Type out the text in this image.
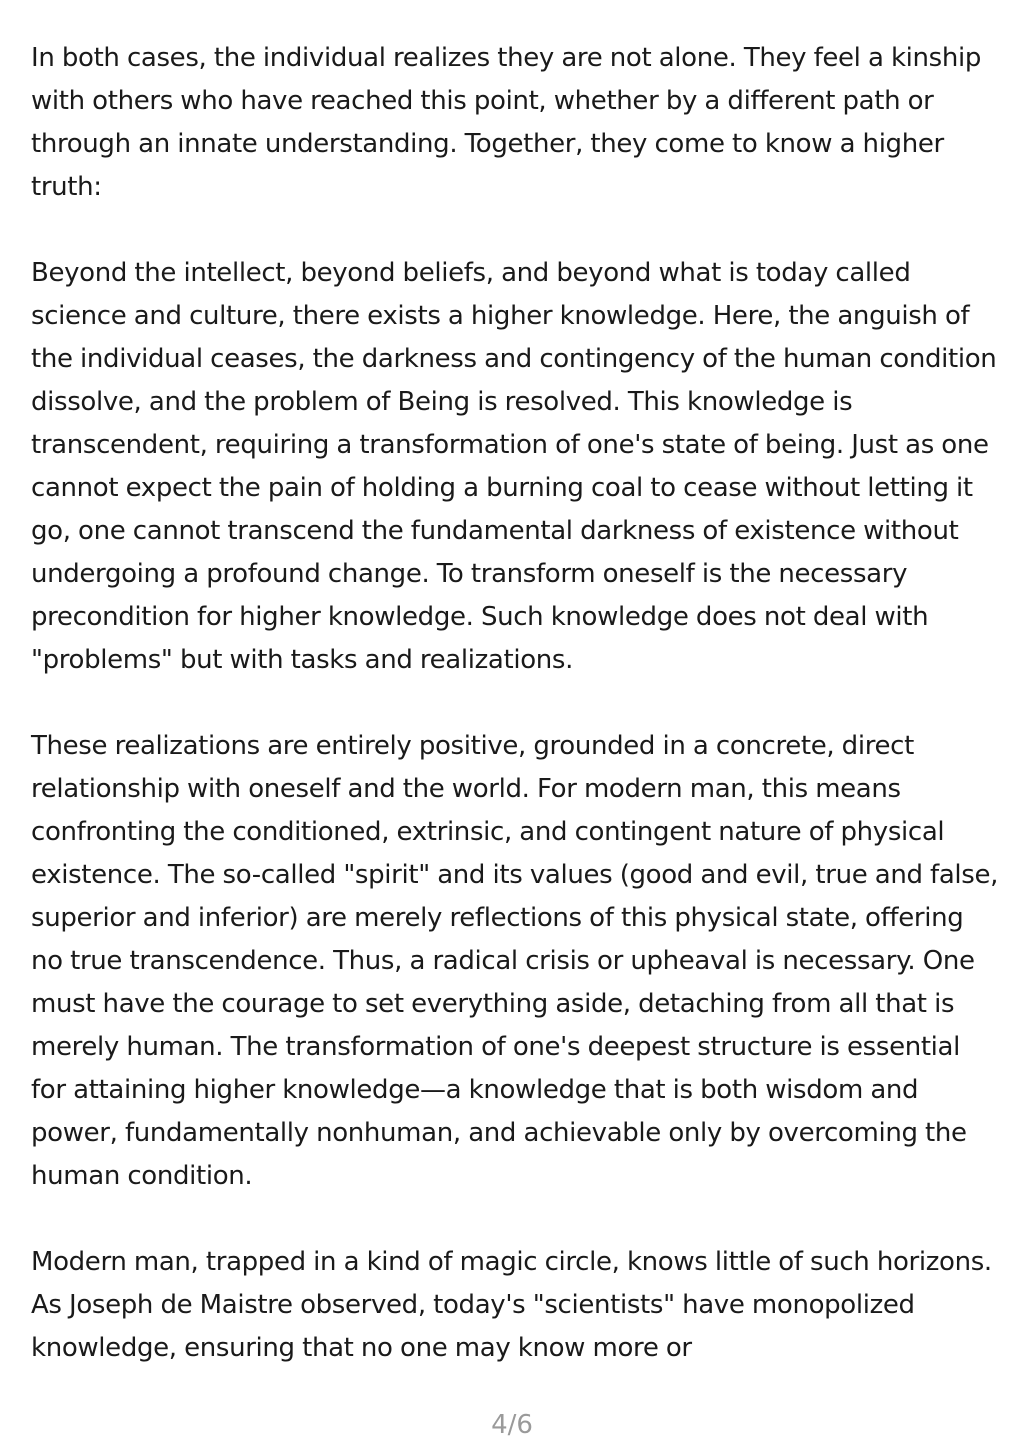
In both cases, the individual realizes they are not alone. They feel a kinship with others who have reached this point, whether by a different path or through an innate understanding. Together, they come to know a higher truth:

Beyond the intellect, beyond beliefs, and beyond what is today called science and culture, there exists a higher knowledge. Here, the anguish of the individual ceases, the darkness and contingency of the human condition dissolve, and the problem of Being is resolved. This knowledge is transcendent, requiring a transformation of one's state of being. Just as one cannot expect the pain of holding a burning coal to cease without letting it go, one cannot transcend the fundamental darkness of existence without undergoing a profound change. To transform oneself is the necessary precondition for higher knowledge. Such knowledge does not deal with "problems" but with tasks and realizations.

These realizations are entirely positive, grounded in a concrete, direct relationship with oneself and the world. For modern man, this means confronting the conditioned, extrinsic, and contingent nature of physical existence. The so-called "spirit" and its values (good and evil, true and false, superior and inferior) are merely reflections of this physical state, offering no true transcendence. Thus, a radical crisis or upheaval is necessary. One must have the courage to set everything aside, detaching from all that is merely human. The transformation of one's deepest structure is essential for attaining higher knowledge—a knowledge that is both wisdom and power, fundamentally nonhuman, and achievable only by overcoming the human condition.

Modern man, trapped in a kind of magic circle, knows little of such horizons. As Joseph de Maistre observed, today's "scientists" have monopolized knowledge, ensuring that no one may know more or

4/6
